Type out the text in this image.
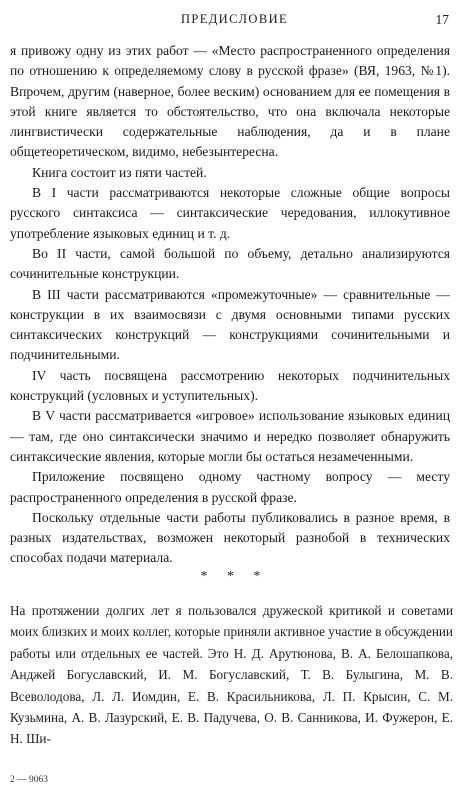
ПРЕДИСЛОВИЕ	17

я привожу одну из этих работ — «Место распространенного определения по отношению к определяемому слову в русской фразе» (ВЯ, 1963, №1). Впрочем, другим (наверное, более веским) основанием для ее помещения в этой книге является то обстоятельство, что она включала некоторые лингвистически содержательные наблюдения, да и в плане общетеоретическом, видимо, небезынтересна.

Книга состоит из пяти частей.

В I части рассматриваются некоторые сложные общие вопросы русского синтаксиса — синтаксические чередования, иллокутивное употребление языковых единиц и т. д.

Во II части, самой большой по объему, детально анализируются сочинительные конструкции.

В III части рассматриваются «промежуточные» — сравнительные — конструкции в их взаимосвязи с двумя основными типами русских синтаксических конструкций — конструкциями сочинительными и подчинительными.

IV часть посвящена рассмотрению некоторых подчинительных конструкций (условных и уступительных).

В V части рассматривается «игровое» использование языковых единиц — там, где оно синтаксически значимо и нередко позволяет обнаружить синтаксические явления, которые могли бы остаться незамеченными.

Приложение посвящено одному частному вопросу — месту распространенного определения в русской фразе.

Поскольку отдельные части работы публиковались в разное время, в разных издательствах, возможен некоторый разнобой в технических способах подачи материала.

* * *

На протяжении долгих лет я пользовался дружеской критикой и советами моих близких и моих коллег, которые приняли активное участие в обсуждении работы или отдельных ее частей. Это Н. Д. Арутюнова, В. А. Белошапкова, Анджей Богуславский, И. М. Богуславский, Т. В. Булыгина, М. В. Всеволодова, Л. Л. Иомдин, Е. В. Красильникова, Л. П. Крысин, С. М. Кузьмина, А. В. Лазурский, Е. В. Падучева, О. В. Санникова, И. Фужерон, Е. Н. Ши-

2 — 9063
